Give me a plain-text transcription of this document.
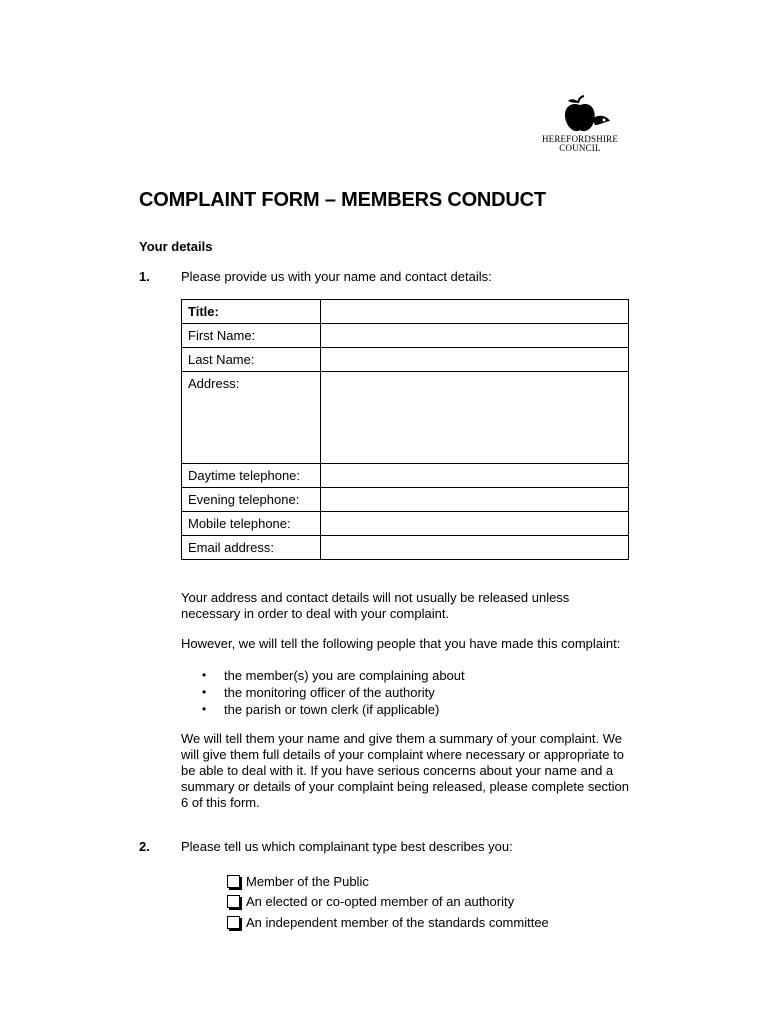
HEREFORDSHIRE
COUNCIL
COMPLAINT FORM – MEMBERS CONDUCT
Your details
1. Please provide us with your name and contact details:
Title:	
First Name:	
Last Name:	
Address:	
Daytime telephone:	
Evening telephone:	
Mobile telephone:	
Email address:	

Your address and contact details will not usually be released unless necessary in order to deal with your complaint.

However, we will tell the following people that you have made this complaint:

• the member(s) you are complaining about
• the monitoring officer of the authority
• the parish or town clerk (if applicable)

We will tell them your name and give them a summary of your complaint. We will give them full details of your complaint where necessary or appropriate to be able to deal with it. If you have serious concerns about your name and a summary or details of your complaint being released, please complete section 6 of this form.

2. Please tell us which complainant type best describes you:
Member of the Public
An elected or co-opted member of an authority
An independent member of the standards committee
